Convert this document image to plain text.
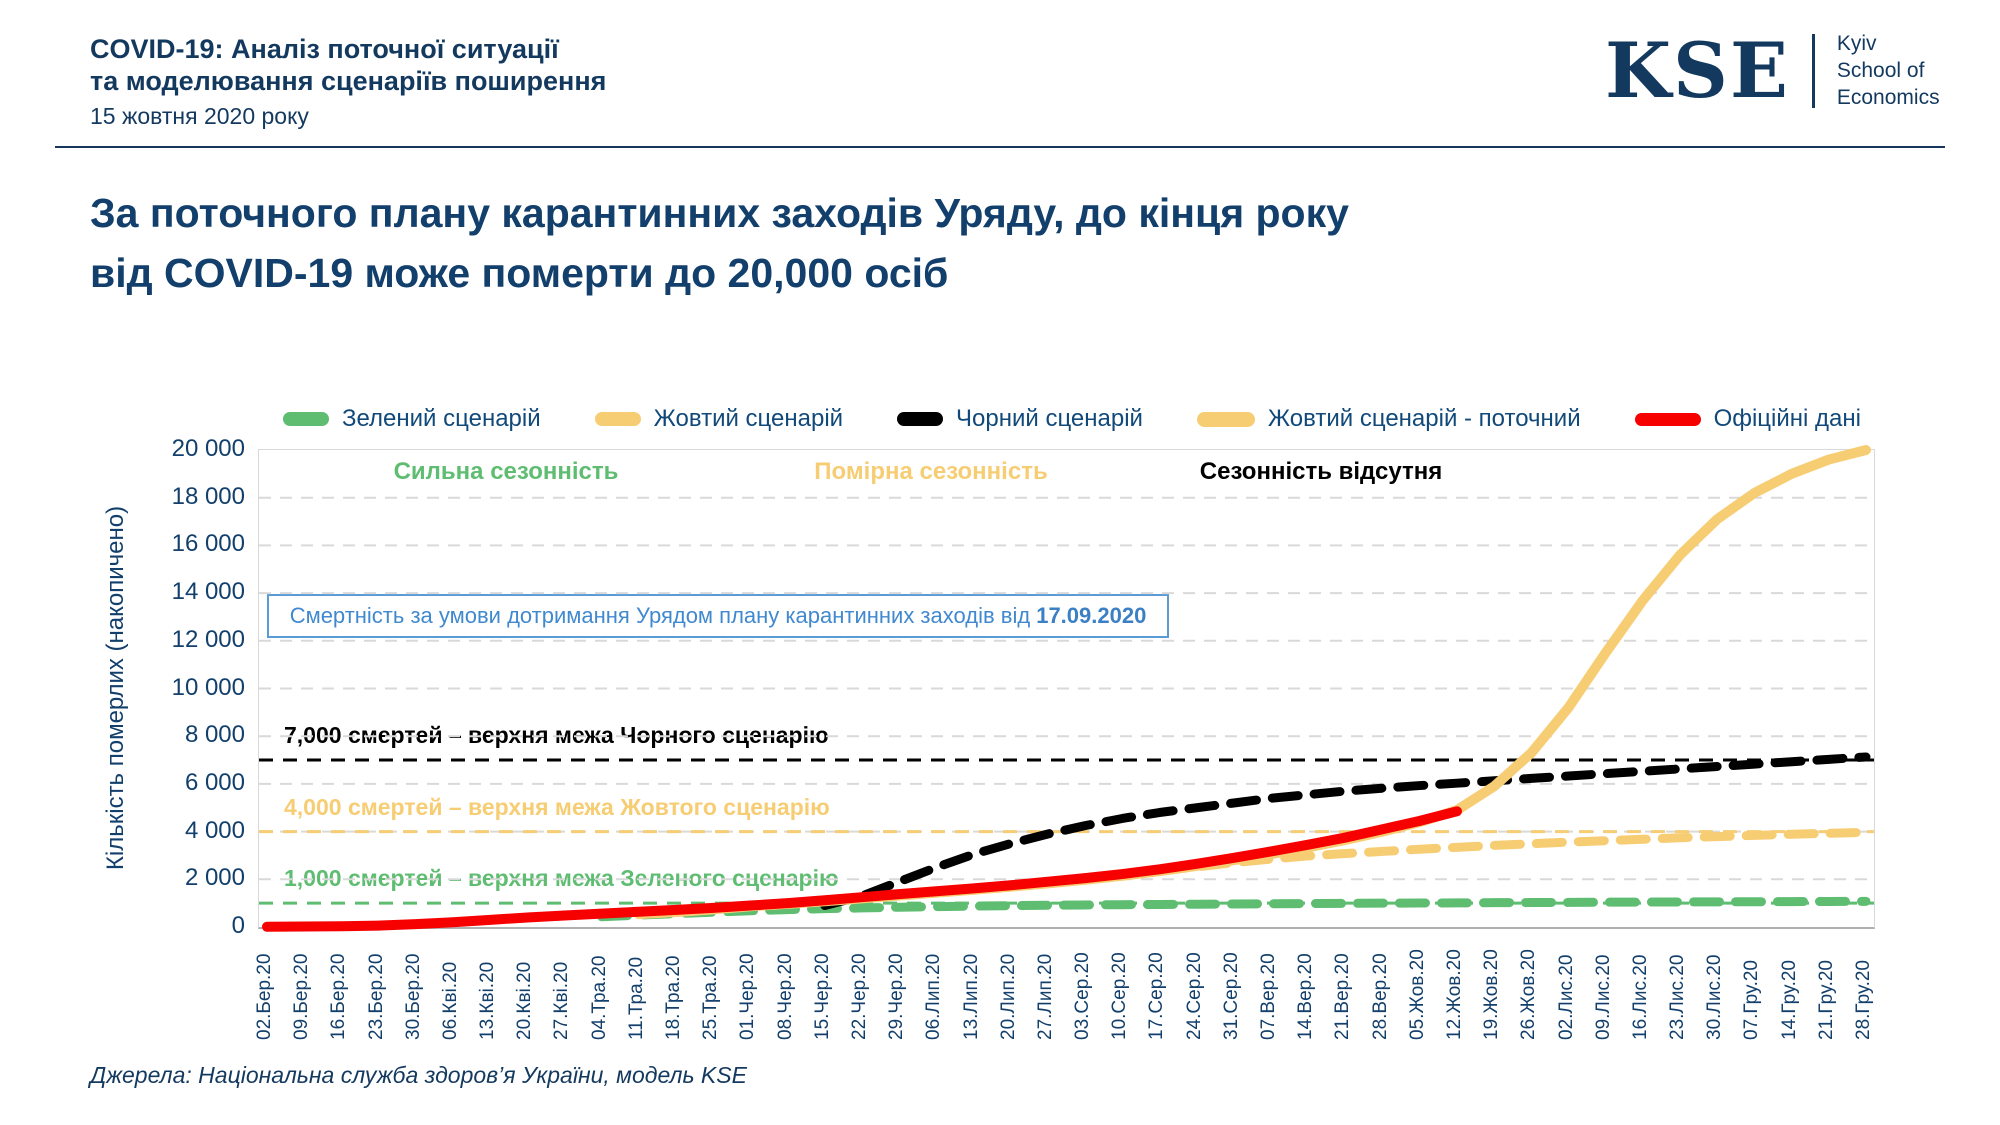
COVID-19: Аналіз поточної ситуації
та моделювання сценаріїв поширення
15 жовтня 2020 року
KSE Kyiv
School of
Economics
За поточного плану карантинних заходів Уряду, до кінця року
від COVID-19 може померти до 20,000 осіб
Зелений сценарій	Жовтий сценарій	Чорний сценарій	Жовтий сценарій - поточний	Офіційні дані
Кількість померлих (накопичено)
Сильна сезонність	Помірна сезонність	Сезонність відсутня
Смертність за умови дотримання Урядом плану карантинних заходів від 17.09.2020
7,000 смертей – верхня межа Чорного сценарію
4,000 смертей – верхня межа Жовтого сценарію
1,000 смертей – верхня межа Зеленого сценарію
Джерела: Національна служба здоров’я України, модель KSE
0
2 000
4 000
6 000
8 000
10 000
12 000
14 000
16 000
18 000
20 000
02.Бер.20 09.Бер.20 16.Бер.20 23.Бер.20 30.Бер.20 06.Кві.20 13.Кві.20 20.Кві.20 27.Кві.20 04.Тра.20 11.Тра.20 18.Тра.20 25.Тра.20 01.Чер.20 08.Чер.20 15.Чер.20 22.Чер.20 29.Чер.20 06.Лип.20 13.Лип.20 20.Лип.20 27.Лип.20 03.Сер.20 10.Сер.20 17.Сер.20 24.Сер.20 31.Сер.20 07.Вер.20 14.Вер.20 21.Вер.20 28.Вер.20 05.Жов.20 12.Жов.20 19.Жов.20 26.Жов.20 02.Лис.20 09.Лис.20 16.Лис.20 23.Лис.20 30.Лис.20 07.Гру.20 14.Гру.20 21.Гру.20 28.Гру.20
